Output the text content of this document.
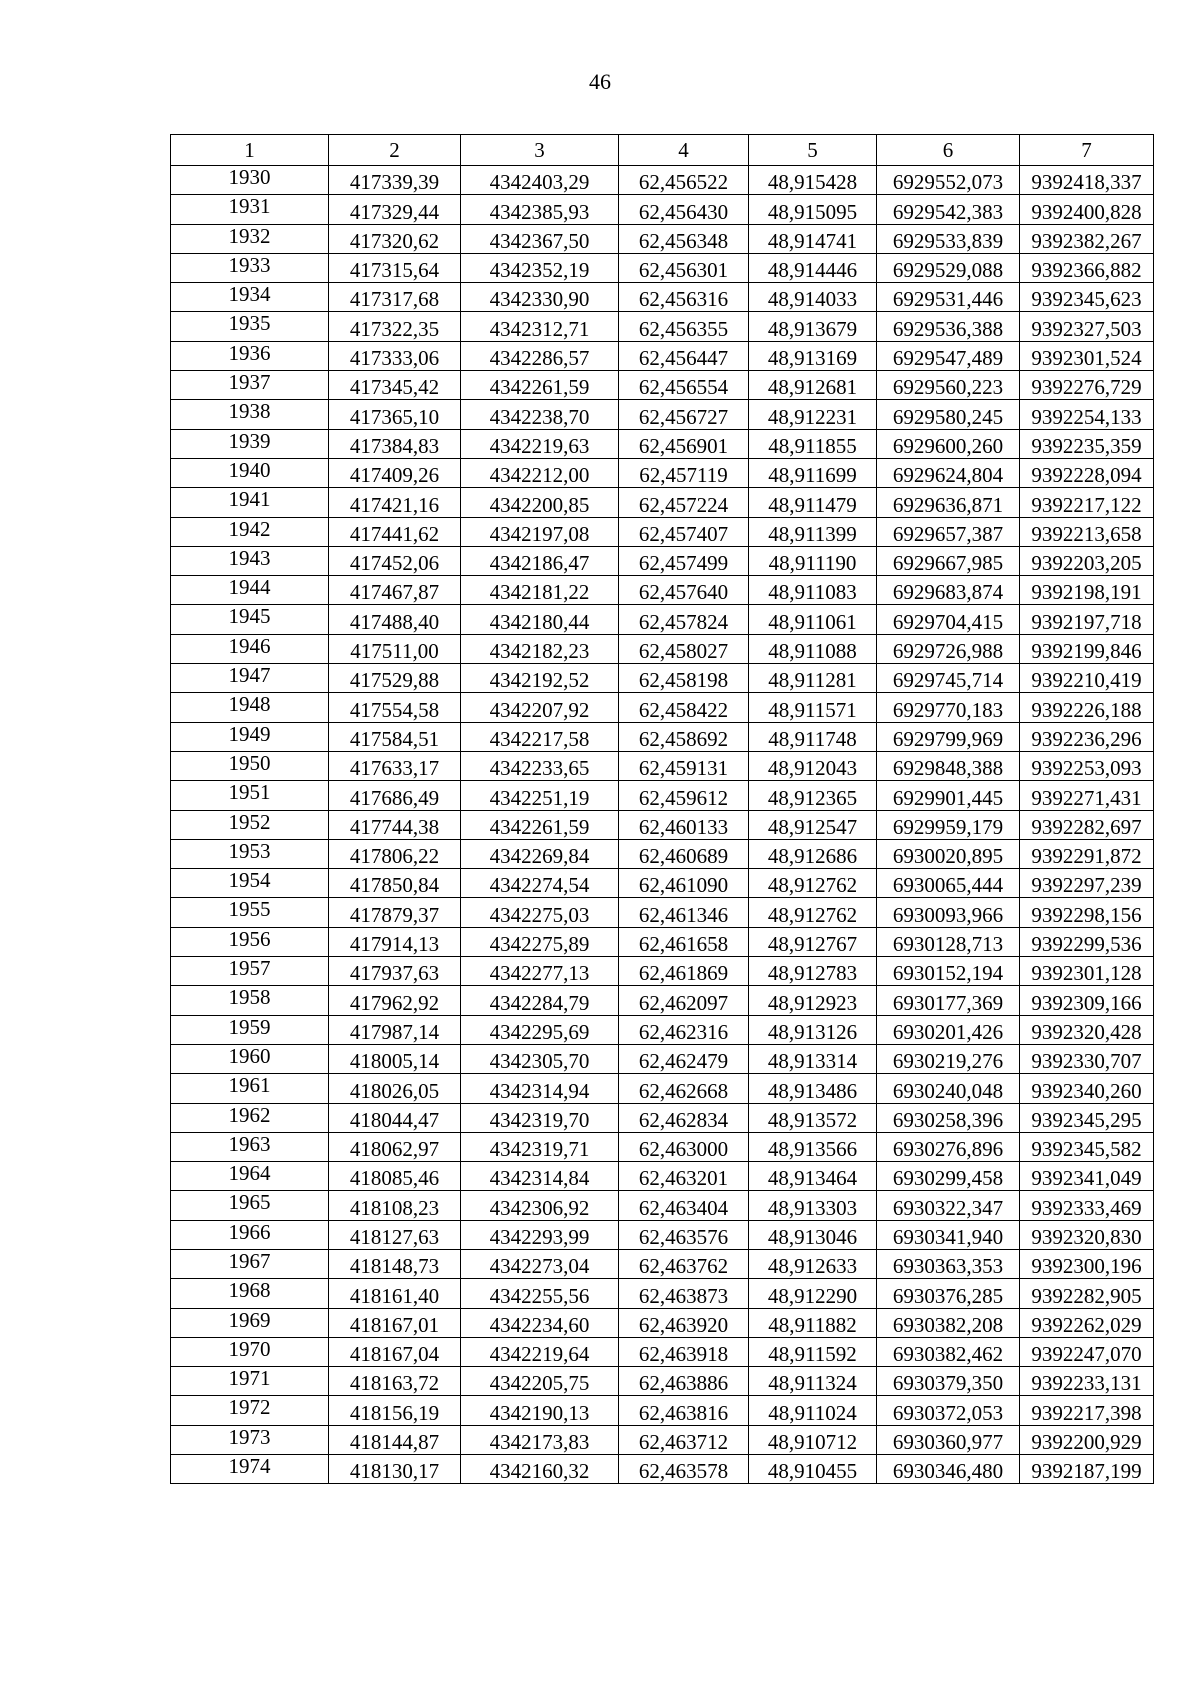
46
1	2	3	4	5	6	7
1930	417339,39	4342403,29	62,456522	48,915428	6929552,073	9392418,337
1931	417329,44	4342385,93	62,456430	48,915095	6929542,383	9392400,828
1932	417320,62	4342367,50	62,456348	48,914741	6929533,839	9392382,267
1933	417315,64	4342352,19	62,456301	48,914446	6929529,088	9392366,882
1934	417317,68	4342330,90	62,456316	48,914033	6929531,446	9392345,623
1935	417322,35	4342312,71	62,456355	48,913679	6929536,388	9392327,503
1936	417333,06	4342286,57	62,456447	48,913169	6929547,489	9392301,524
1937	417345,42	4342261,59	62,456554	48,912681	6929560,223	9392276,729
1938	417365,10	4342238,70	62,456727	48,912231	6929580,245	9392254,133
1939	417384,83	4342219,63	62,456901	48,911855	6929600,260	9392235,359
1940	417409,26	4342212,00	62,457119	48,911699	6929624,804	9392228,094
1941	417421,16	4342200,85	62,457224	48,911479	6929636,871	9392217,122
1942	417441,62	4342197,08	62,457407	48,911399	6929657,387	9392213,658
1943	417452,06	4342186,47	62,457499	48,911190	6929667,985	9392203,205
1944	417467,87	4342181,22	62,457640	48,911083	6929683,874	9392198,191
1945	417488,40	4342180,44	62,457824	48,911061	6929704,415	9392197,718
1946	417511,00	4342182,23	62,458027	48,911088	6929726,988	9392199,846
1947	417529,88	4342192,52	62,458198	48,911281	6929745,714	9392210,419
1948	417554,58	4342207,92	62,458422	48,911571	6929770,183	9392226,188
1949	417584,51	4342217,58	62,458692	48,911748	6929799,969	9392236,296
1950	417633,17	4342233,65	62,459131	48,912043	6929848,388	9392253,093
1951	417686,49	4342251,19	62,459612	48,912365	6929901,445	9392271,431
1952	417744,38	4342261,59	62,460133	48,912547	6929959,179	9392282,697
1953	417806,22	4342269,84	62,460689	48,912686	6930020,895	9392291,872
1954	417850,84	4342274,54	62,461090	48,912762	6930065,444	9392297,239
1955	417879,37	4342275,03	62,461346	48,912762	6930093,966	9392298,156
1956	417914,13	4342275,89	62,461658	48,912767	6930128,713	9392299,536
1957	417937,63	4342277,13	62,461869	48,912783	6930152,194	9392301,128
1958	417962,92	4342284,79	62,462097	48,912923	6930177,369	9392309,166
1959	417987,14	4342295,69	62,462316	48,913126	6930201,426	9392320,428
1960	418005,14	4342305,70	62,462479	48,913314	6930219,276	9392330,707
1961	418026,05	4342314,94	62,462668	48,913486	6930240,048	9392340,260
1962	418044,47	4342319,70	62,462834	48,913572	6930258,396	9392345,295
1963	418062,97	4342319,71	62,463000	48,913566	6930276,896	9392345,582
1964	418085,46	4342314,84	62,463201	48,913464	6930299,458	9392341,049
1965	418108,23	4342306,92	62,463404	48,913303	6930322,347	9392333,469
1966	418127,63	4342293,99	62,463576	48,913046	6930341,940	9392320,830
1967	418148,73	4342273,04	62,463762	48,912633	6930363,353	9392300,196
1968	418161,40	4342255,56	62,463873	48,912290	6930376,285	9392282,905
1969	418167,01	4342234,60	62,463920	48,911882	6930382,208	9392262,029
1970	418167,04	4342219,64	62,463918	48,911592	6930382,462	9392247,070
1971	418163,72	4342205,75	62,463886	48,911324	6930379,350	9392233,131
1972	418156,19	4342190,13	62,463816	48,911024	6930372,053	9392217,398
1973	418144,87	4342173,83	62,463712	48,910712	6930360,977	9392200,929
1974	418130,17	4342160,32	62,463578	48,910455	6930346,480	9392187,199
